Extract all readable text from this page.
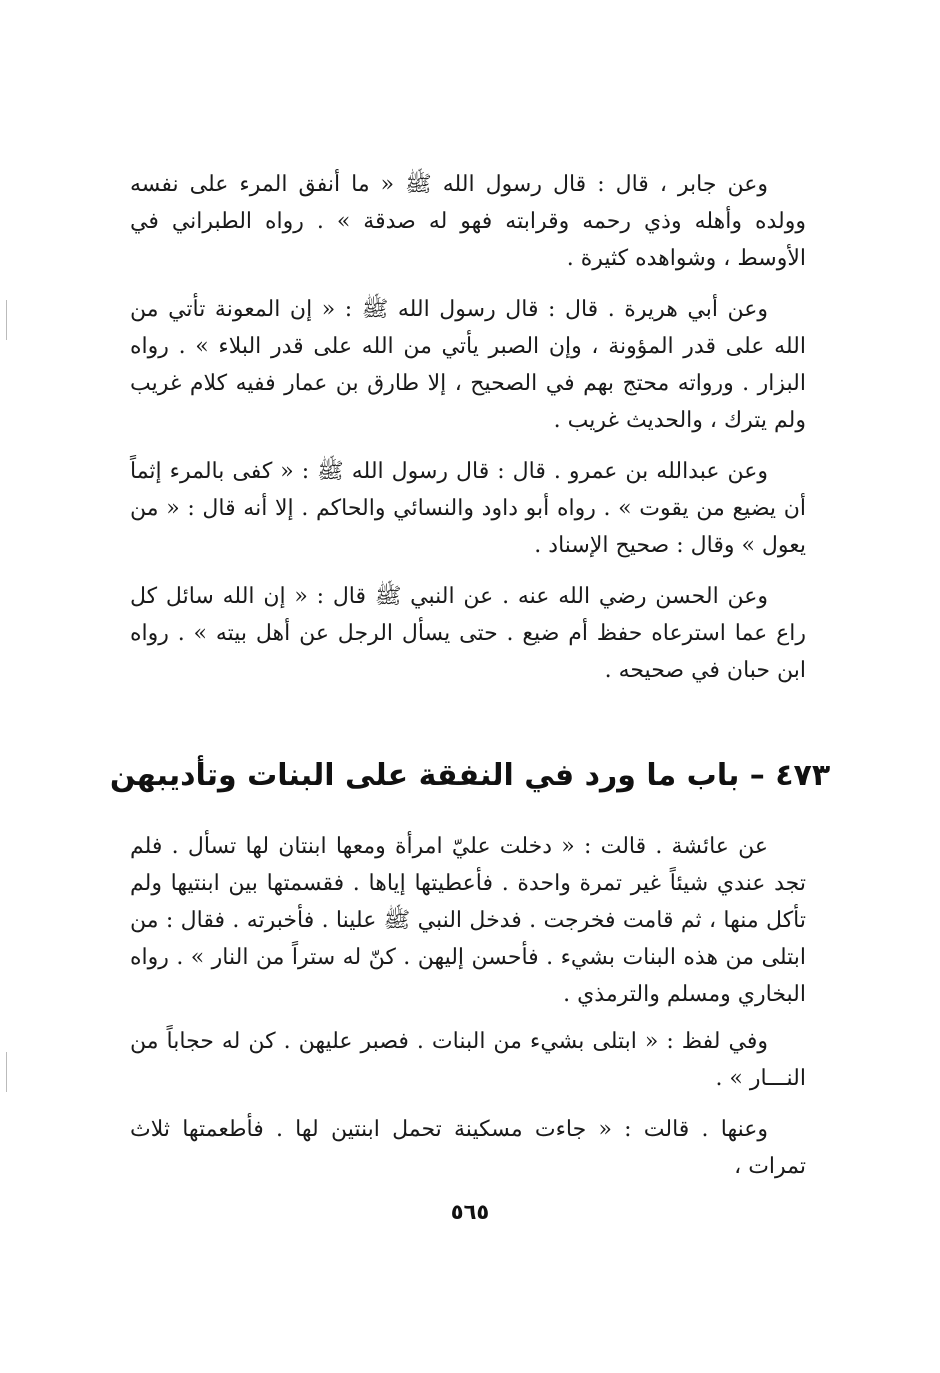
وعن جابر ، قال : قال رسول الله ﷺ « ما أنفق المرء على نفسه وولده وأهله وذي رحمه وقرابته فهو له صدقة » . رواه الطبراني في الأوسط ، وشواهده كثيرة .

وعن أبي هريرة . قال : قال رسول الله ﷺ : « إن المعونة تأتي من الله على قدر المؤونة ، وإن الصبر يأتي من الله على قدر البلاء » . رواه البزار . ورواته محتج بهم في الصحيح ، إلا طارق بن عمار ففيه كلام غريب ولم يترك ، والحديث غريب .

وعن عبدالله بن عمرو . قال : قال رسول الله ﷺ : « كفى بالمرء إثماً أن يضيع من يقوت » . رواه أبو داود والنسائي والحاكم . إلا أنه قال : « من يعول » وقال : صحيح الإسناد .

وعن الحسن رضي الله عنه . عن النبي ﷺ قال : « إن الله سائل كل راع عما استرعاه حفظ أم ضيع . حتى يسأل الرجل عن أهل بيته » . رواه ابن حبان في صحيحه .

٤٧٣ – باب ما ورد في النفقة على البنات وتأديبهن

عن عائشة . قالت : « دخلت عليّ امرأة ومعها ابنتان لها تسأل . فلم تجد عندي شيئاً غير تمرة واحدة . فأعطيتها إياها . فقسمتها بين ابنتيها ولم تأكل منها ، ثم قامت فخرجت . فدخل النبي ﷺ علينا . فأخبرته . فقال : من ابتلى من هذه البنات بشيء . فأحسن إليهن . كنّ له ستراً من النار » . رواه البخاري ومسلم والترمذي .

وفي لفظ : « ابتلى بشيء من البنات . فصبر عليهن . كن له حجاباً من النـــار » .

وعنها . قالت : « جاءت مسكينة تحمل ابنتين لها . فأطعمتها ثلاث تمرات ،

٥٦٥
